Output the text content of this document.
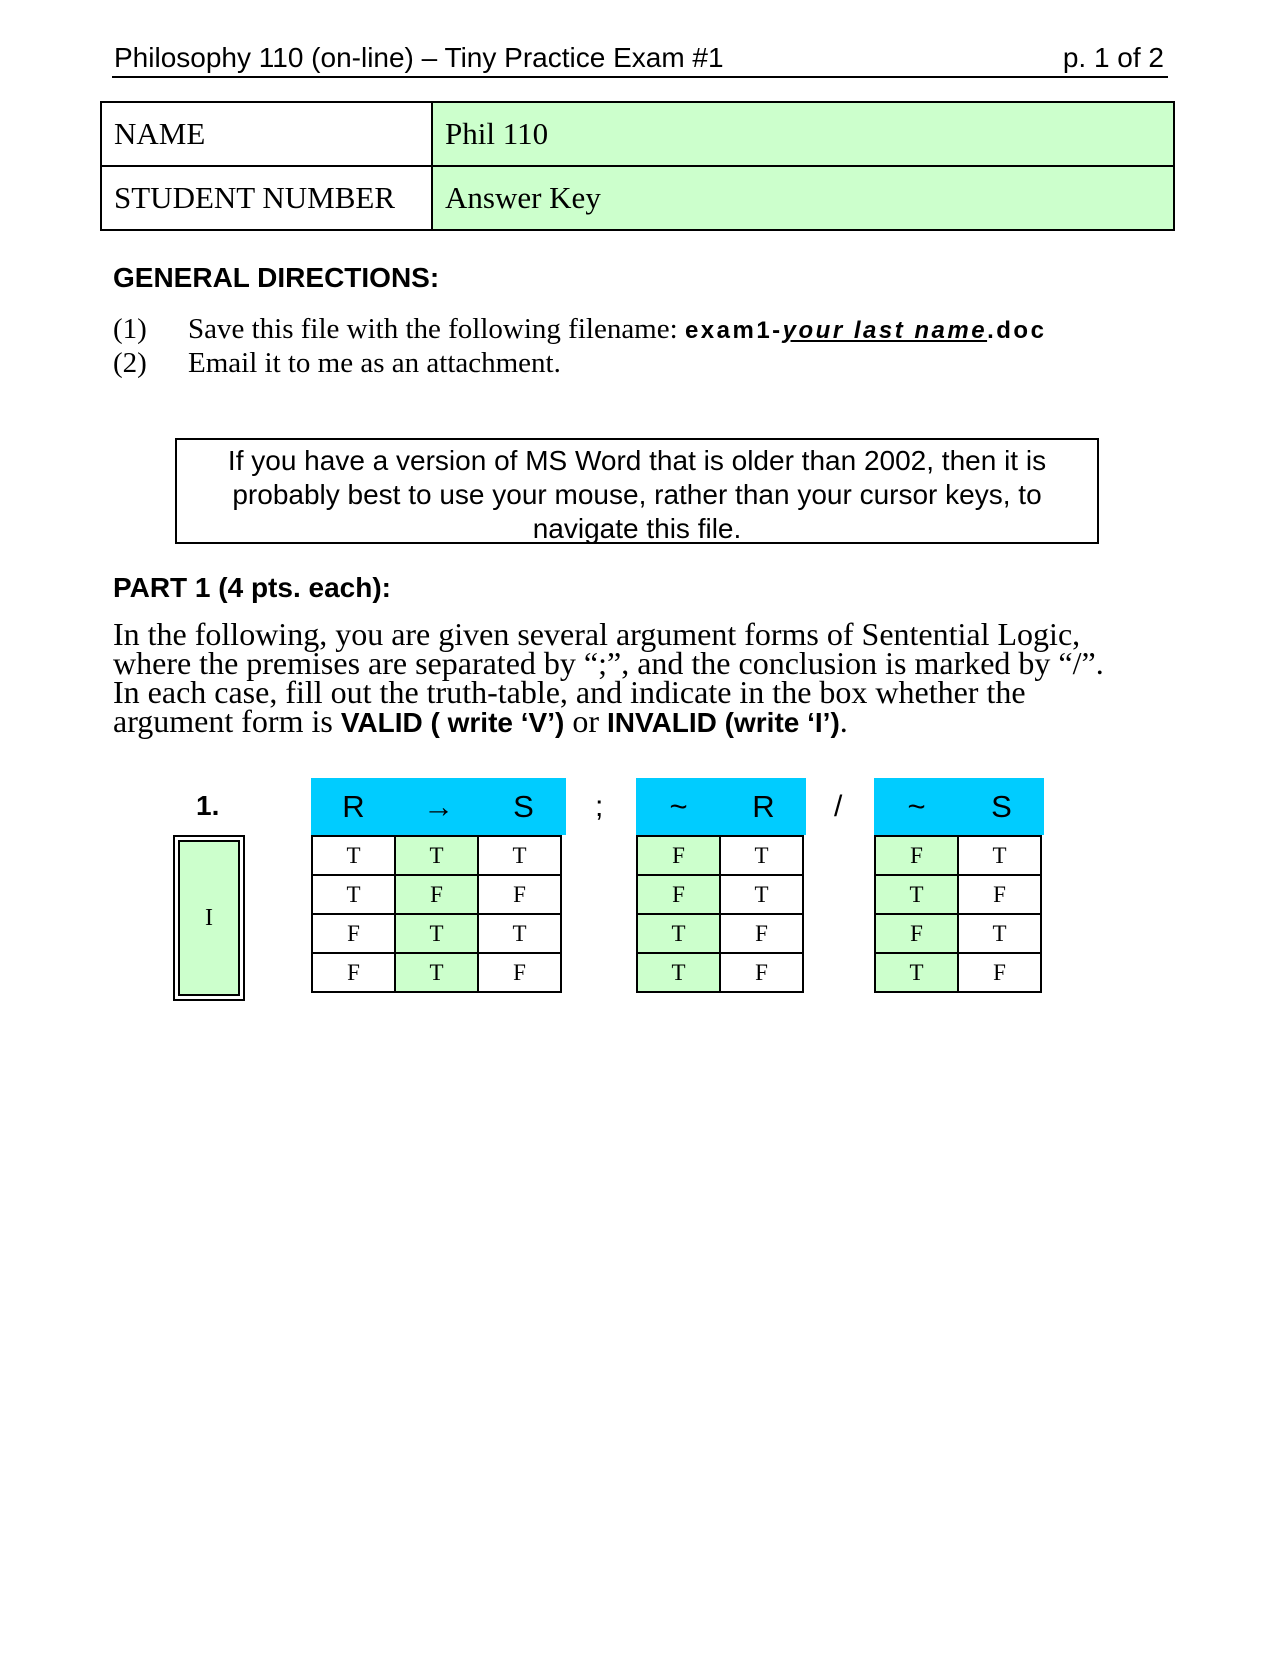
Philosophy 110 (on-line) – Tiny Practice Exam #1	p. 1 of 2
NAME	Phil 110
STUDENT NUMBER	Answer Key
GENERAL DIRECTIONS:
(1) Save this file with the following filename: exam1-your last name.doc
(2) Email it to me as an attachment.
If you have a version of MS Word that is older than 2002, then it is
probably best to use your mouse, rather than your cursor keys, to
navigate this file.
PART 1 (4 pts. each):
In the following, you are given several argument forms of Sentential Logic,
where the premises are separated by “;”, and the conclusion is marked by “/”.
In each case, fill out the truth-table, and indicate in the box whether the
argument form is VALID ( write ‘V’) or INVALID (write ‘I’).
1.
I
R	→	S
T	T	T
T	F	F
F	T	T
F	T	F
;	~	R
F	T
F	T
T	F
T	F
/	~	S
F	T
T	F
F	T
T	F
